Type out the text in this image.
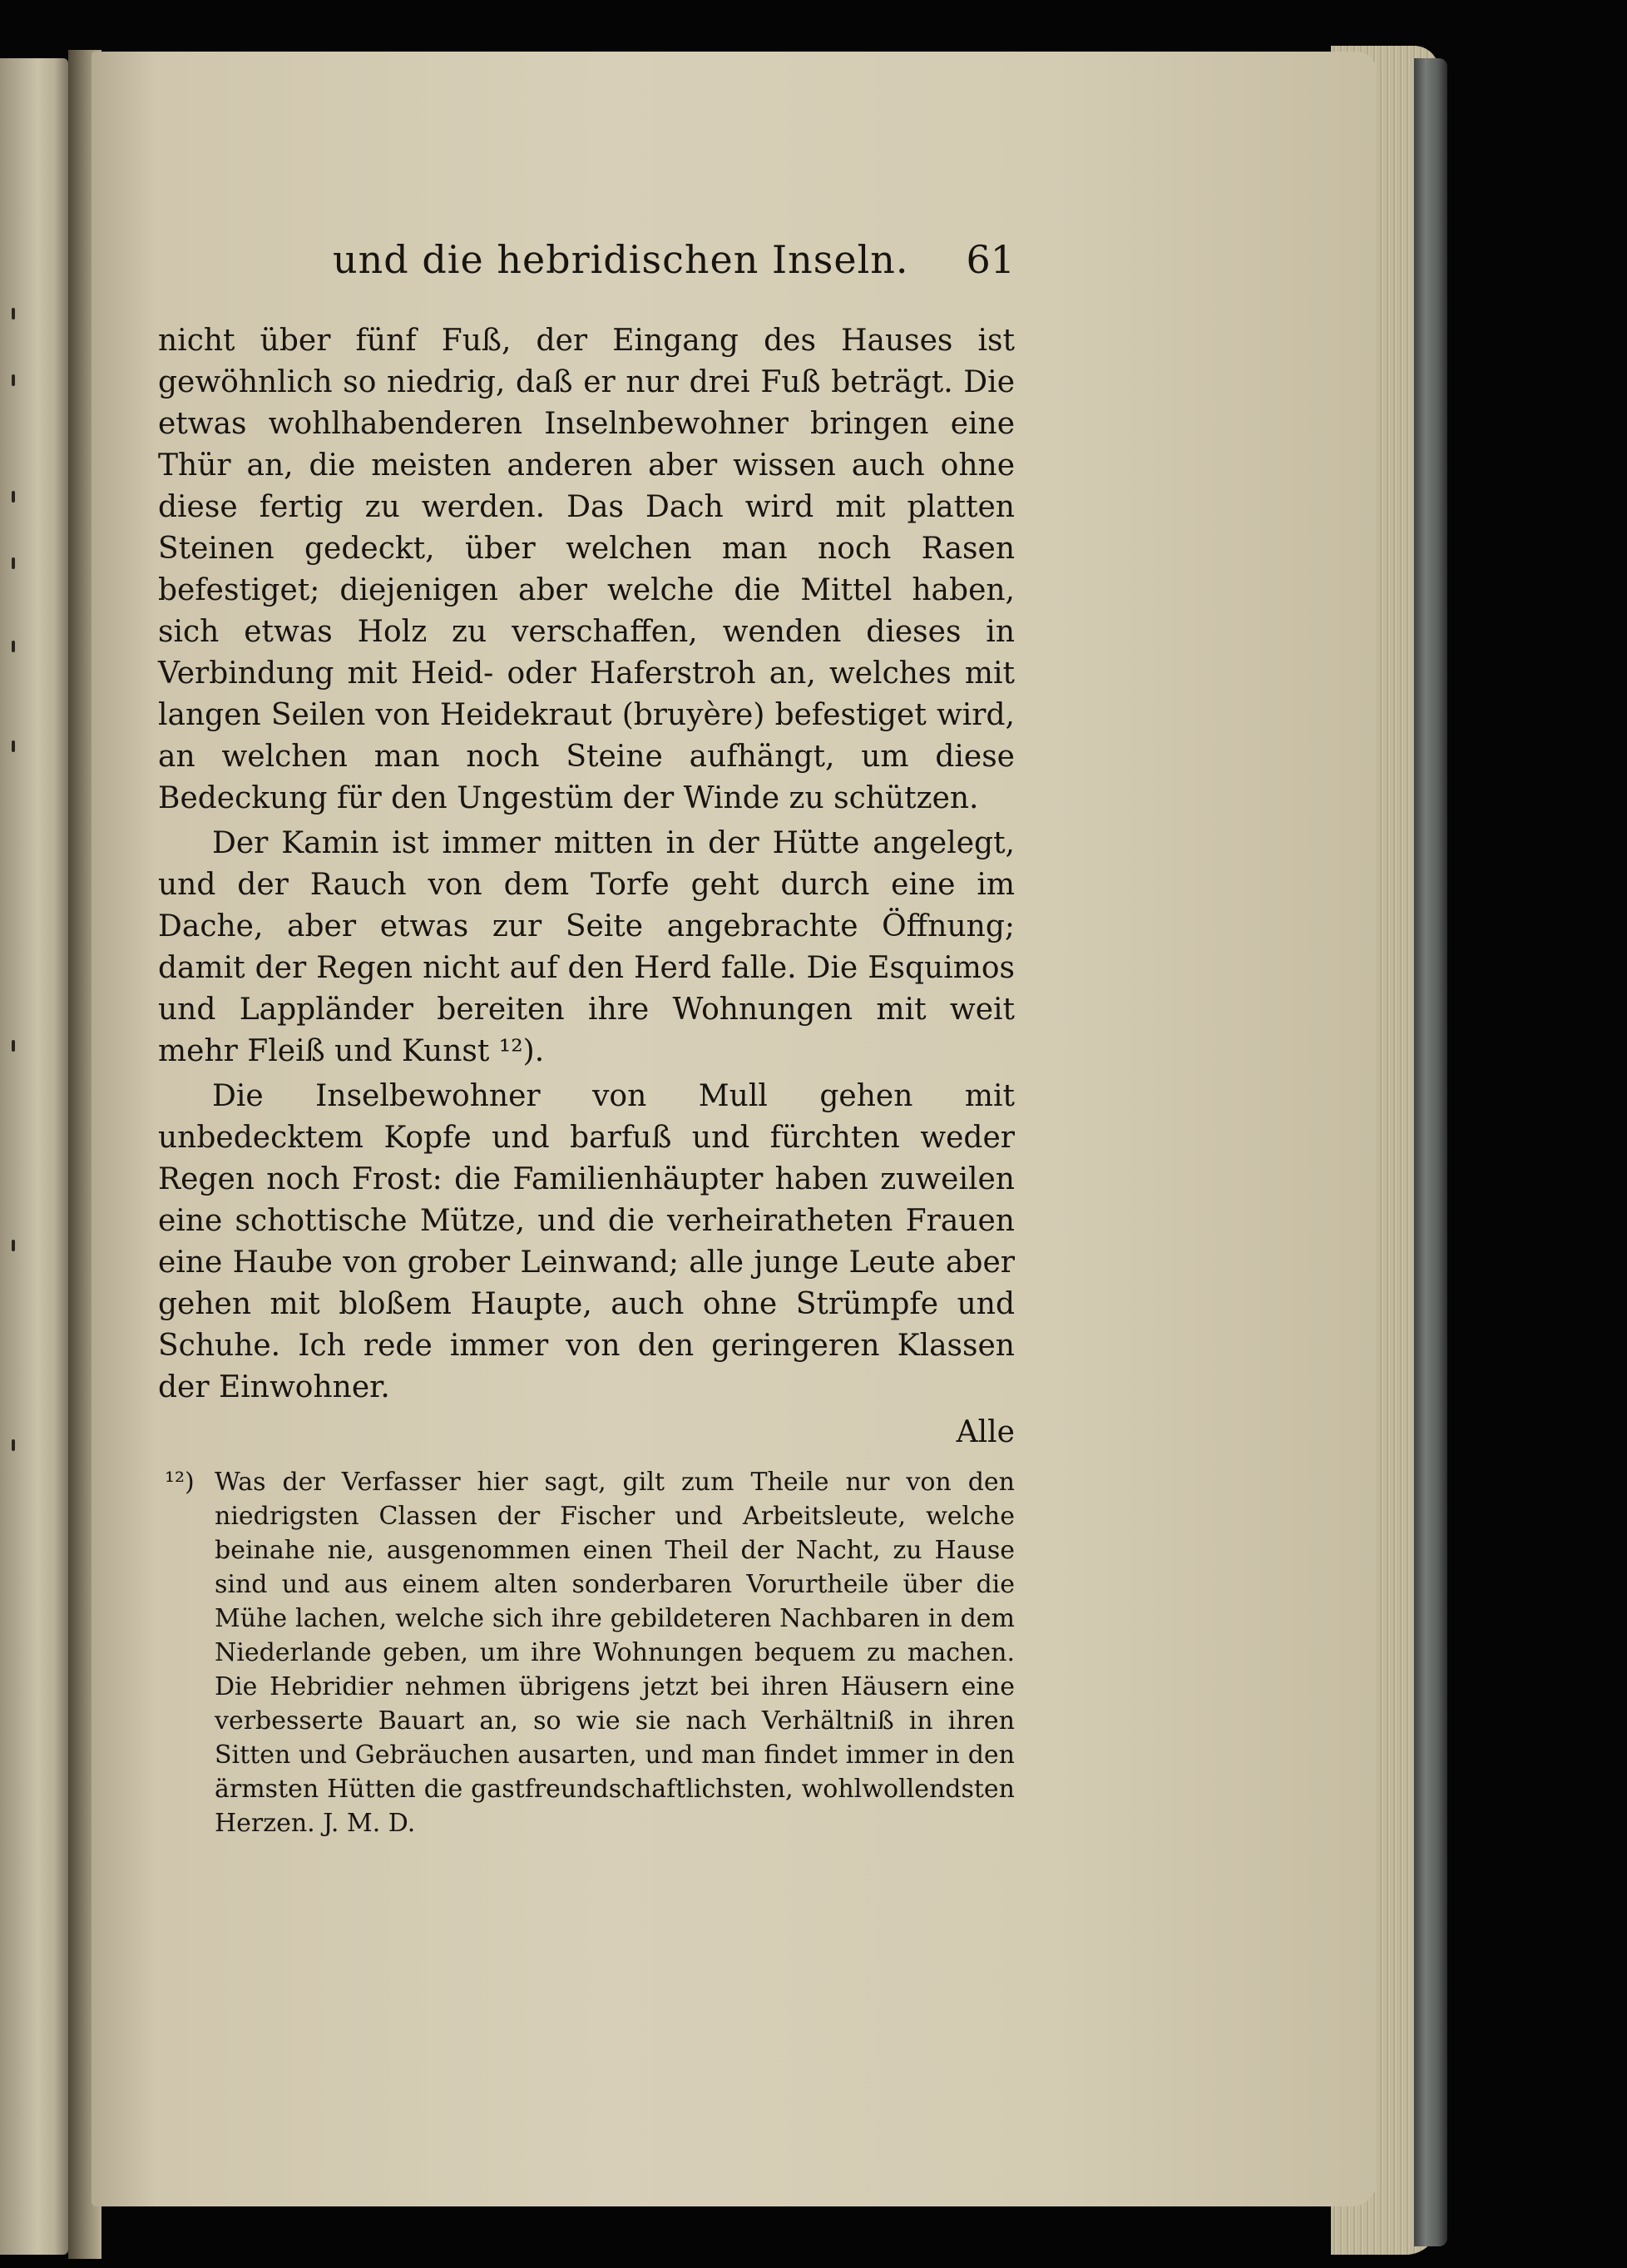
und die hebridischen Inseln. 61

nicht über fünf Fuß, der Eingang des Hauses ist gewöhnlich so niedrig, daß er nur drei Fuß beträgt. Die etwas wohlhabenderen Inselnbewohner bringen eine Thür an, die meisten anderen aber wissen auch ohne diese fertig zu werden. Das Dach wird mit platten Steinen gedeckt, über welchen man noch Rasen befestiget; diejenigen aber welche die Mittel haben, sich etwas Holz zu verschaffen, wenden dieses in Verbindung mit Heid- oder Haferstroh an, welches mit langen Seilen von Heidekraut (bruyère) befestiget wird, an welchen man noch Steine aufhängt, um diese Bedeckung für den Ungestüm der Winde zu schützen.

Der Kamin ist immer mitten in der Hütte angelegt, und der Rauch von dem Torfe geht durch eine im Dache, aber etwas zur Seite angebrachte Öffnung; damit der Regen nicht auf den Herd falle. Die Esquimos und Lappländer bereiten ihre Wohnungen mit weit mehr Fleiß und Kunst ¹²).

Die Inselbewohner von Mull gehen mit unbedecktem Kopfe und barfuß und fürchten weder Regen noch Frost: die Familienhäupter haben zuweilen eine schottische Mütze, und die verheiratheten Frauen eine Haube von grober Leinwand; alle junge Leute aber gehen mit bloßem Haupte, auch ohne Strümpfe und Schuhe. Ich rede immer von den geringeren Klassen der Einwohner.

Alle
¹²) Was der Verfasser hier sagt, gilt zum Theile nur von den niedrigsten Classen der Fischer und Arbeitsleute, welche beinahe nie, ausgenommen einen Theil der Nacht, zu Hause sind und aus einem alten sonderbaren Vorurtheile über die Mühe lachen, welche sich ihre gebildeteren Nachbaren in dem Niederlande geben, um ihre Wohnungen bequem zu machen. Die Hebridier nehmen übrigens jetzt bei ihren Häusern eine verbesserte Bauart an, so wie sie nach Verhältniß in ihren Sitten und Gebräuchen ausarten, und man findet immer in den ärmsten Hütten die gastfreundschaftlichsten, wohlwollendsten Herzen. J. M. D.
